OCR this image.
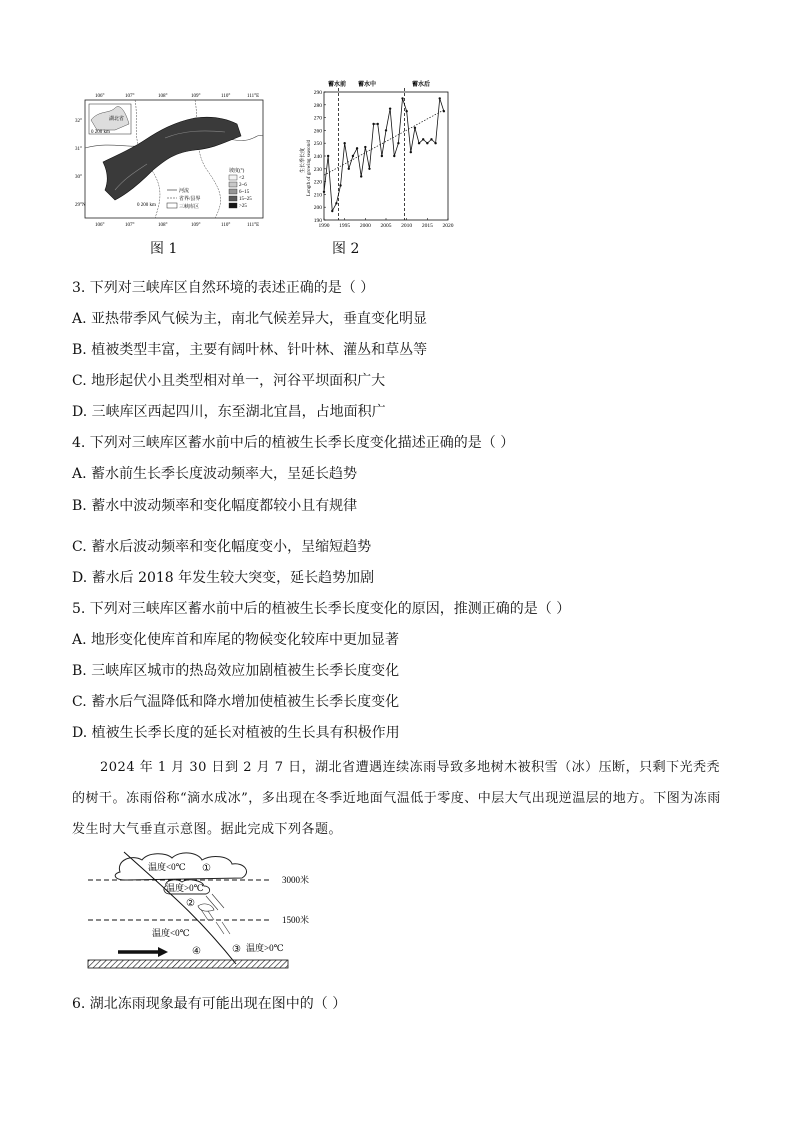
106°	107°	108°	109°	110°	111°E
106°	107°	108°	109°	110°	111°E
32°
31°
30°
29°N
湖北省
0 200 km
河流
省界/县界
三峡库区
0 200 km
坡度(°)
<2
2~6
6~15
15~25
>25
图 1
蓄水前 蓄水中	蓄水后
生长季长度 Length of growing season/d
190
200
210
220
230
240
250
260
270
280
290
1990 1995 2000 2005 2010 2015 2020
图 2
3. 下列对三峡库区自然环境的表述正确的是（ ）
A. 亚热带季风气候为主，南北气候差异大，垂直变化明显
B. 植被类型丰富，主要有阔叶林、针叶林、灌丛和草丛等
C. 地形起伏小且类型相对单一，河谷平坝面积广大
D. 三峡库区西起四川，东至湖北宜昌，占地面积广
4. 下列对三峡库区蓄水前中后的植被生长季长度变化描述正确的是（ ）
A. 蓄水前生长季长度波动频率大，呈延长趋势
B. 蓄水中波动频率和变化幅度都较小且有规律
C. 蓄水后波动频率和变化幅度变小，呈缩短趋势
D. 蓄水后 2018 年发生较大突变，延长趋势加剧
5. 下列对三峡库区蓄水前中后的植被生长季长度变化的原因，推测正确的是（ ）
A. 地形变化使库首和库尾的物候变化较库中更加显著
B. 三峡库区城市的热岛效应加剧植被生长季长度变化
C. 蓄水后气温降低和降水增加使植被生长季长度变化
D. 植被生长季长度的延长对植被的生长具有积极作用

2024 年 1 月 30 日到 2 月 7 日，湖北省遭遇连续冻雨导致多地树木被积雪（冰）压断，只剩下光秃秃的树干。冻雨俗称“滴水成冰”，多出现在冬季近地面气温低于零度、中层大气出现逆温层的地方。下图为冻雨发生时大气垂直示意图。据此完成下列各题。

温度<0℃ ①
温度>0℃
②
3000米
1500米
温度<0℃
④	③ 温度>0℃
6. 湖北冻雨现象最有可能出现在图中的（ ）
